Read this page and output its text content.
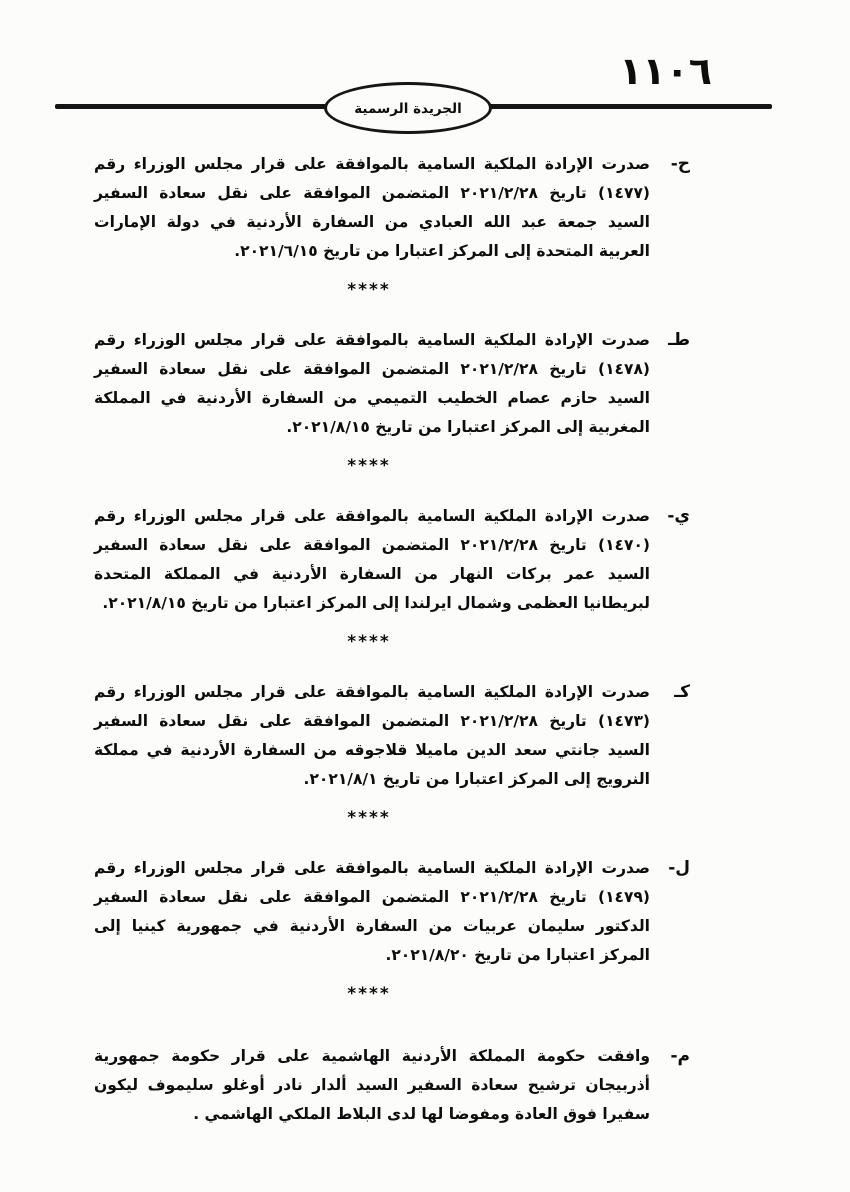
١١٠٦
الجريدة الرسمية
ح-
صدرت الإرادة الملكية السامية بالموافقة على قرار مجلس الوزراء رقم (١٤٧٧) تاريخ ٢٠٢١/٢/٢٨ المتضمن الموافقة على نقل سعادة السفير السيد جمعة عبد الله العبادي من السفارة الأردنية في دولة الإمارات العربية المتحدة إلى المركز اعتبارا من تاريخ ٢٠٢١/٦/١٥.
****
طـ
صدرت الإرادة الملكية السامية بالموافقة على قرار مجلس الوزراء رقم (١٤٧٨) تاريخ ٢٠٢١/٢/٢٨ المتضمن الموافقة على نقل سعادة السفير السيد حازم عصام الخطيب التميمي من السفارة الأردنية في المملكة المغربية إلى المركز اعتبارا من تاريخ ٢٠٢١/٨/١٥.
****
ي-
صدرت الإرادة الملكية السامية بالموافقة على قرار مجلس الوزراء رقم (١٤٧٠) تاريخ ٢٠٢١/٢/٢٨ المتضمن الموافقة على نقل سعادة السفير السيد عمر بركات النهار من السفارة الأردنية في المملكة المتحدة لبريطانيا العظمى وشمال ايرلندا إلى المركز اعتبارا من تاريخ ٢٠٢١/٨/١٥.
****
كـ
صدرت الإرادة الملكية السامية بالموافقة على قرار مجلس الوزراء رقم (١٤٧٣) تاريخ ٢٠٢١/٢/٢٨ المتضمن الموافقة على نقل سعادة السفير السيد جانتي سعد الدين ماميلا قلاجوقه من السفارة الأردنية في مملكة النرويج إلى المركز اعتبارا من تاريخ ٢٠٢١/٨/١.
****
ل-
صدرت الإرادة الملكية السامية بالموافقة على قرار مجلس الوزراء رقم (١٤٧٩) تاريخ ٢٠٢١/٢/٢٨ المتضمن الموافقة على نقل سعادة السفير الدكتور سليمان عربيات من السفارة الأردنية في جمهورية كينيا إلى المركز اعتبارا من تاريخ ٢٠٢١/٨/٢٠.
****
م-
وافقت حكومة المملكة الأردنية الهاشمية على قرار حكومة جمهورية أذربيجان ترشيح سعادة السفير السيد ألدار نادر أوغلو سليموف ليكون سفيرا فوق العادة ومفوضا لها لدى البلاط الملكي الهاشمي .
